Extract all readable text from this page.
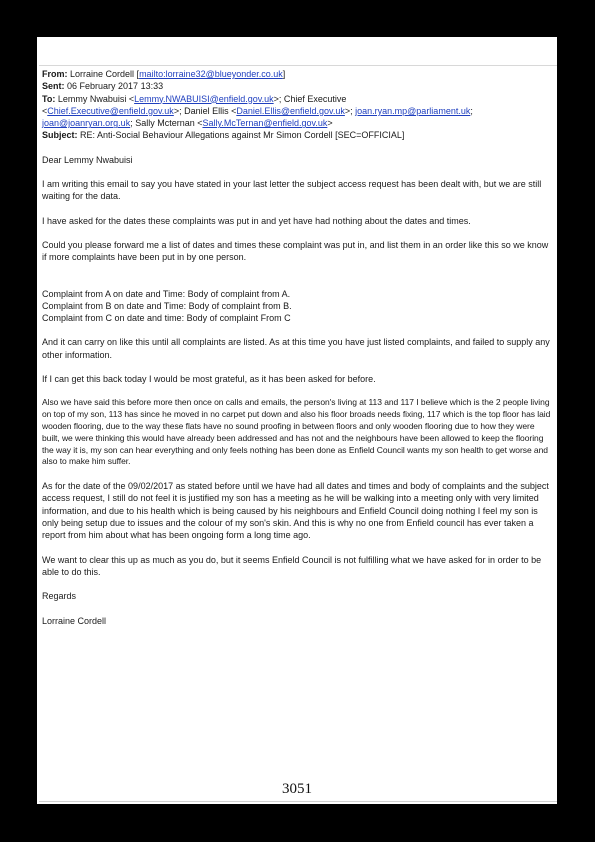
From: Lorraine Cordell [mailto:lorraine32@blueyonder.co.uk]
Sent: 06 February 2017 13:33
To: Lemmy Nwabuisi <Lemmy.NWABUISI@enfield.gov.uk>; Chief Executive
<Chief.Executive@enfield.gov.uk>; Daniel Ellis <Daniel.Ellis@enfield.gov.uk>; joan.ryan.mp@parliament.uk;
joan@joanryan.org.uk; Sally Mcternan <Sally.McTernan@enfield.gov.uk>
Subject: RE: Anti-Social Behaviour Allegations against Mr Simon Cordell [SEC=OFFICIAL]

Dear Lemmy Nwabuisi

I am writing this email to say you have stated in your last letter the subject access request has been dealt with, but we are still waiting for the data.

I have asked for the dates these complaints was put in and yet have had nothing about the dates and times.

Could you please forward me a list of dates and times these complaint was put in, and list them in an order like this so we know if more complaints have been put in by one person.

Complaint from A on date and Time: Body of complaint from A.
Complaint from B on date and Time: Body of complaint from B.
Complaint from C on date and time: Body of complaint From C

And it can carry on like this until all complaints are listed. As at this time you have just listed complaints, and failed to supply any other information.

If I can get this back today I would be most grateful, as it has been asked for before.

Also we have said this before more then once on calls and emails, the person's living at 113 and 117 I believe which is the 2 people living on top of my son, 113 has since he moved in no carpet put down and also his floor broads needs fixing, 117 which is the top floor has laid wooden flooring, due to the way these flats have no sound proofing in between floors and only wooden flooring due to how they were built, we were thinking this would have already been addressed and has not and the neighbours have been allowed to keep the flooring the way it is, my son can hear everything and only feels nothing has been done as Enfield Council wants my son health to get worse and also to make him suffer.

As for the date of the 09/02/2017 as stated before until we have had all dates and times and body of complaints and the subject access request, I still do not feel it is justified my son has a meeting as he will be walking into a meeting only with very limited information, and due to his health which is being caused by his neighbours and Enfield Council doing nothing I feel my son is only being setup due to issues and the colour of my son's skin. And this is why no one from Enfield council has ever taken a report from him about what has been ongoing form a long time ago.

We want to clear this up as much as you do, but it seems Enfield Council is not fulfilling what we have asked for in order to be able to do this.

Regards

Lorraine Cordell

3051
